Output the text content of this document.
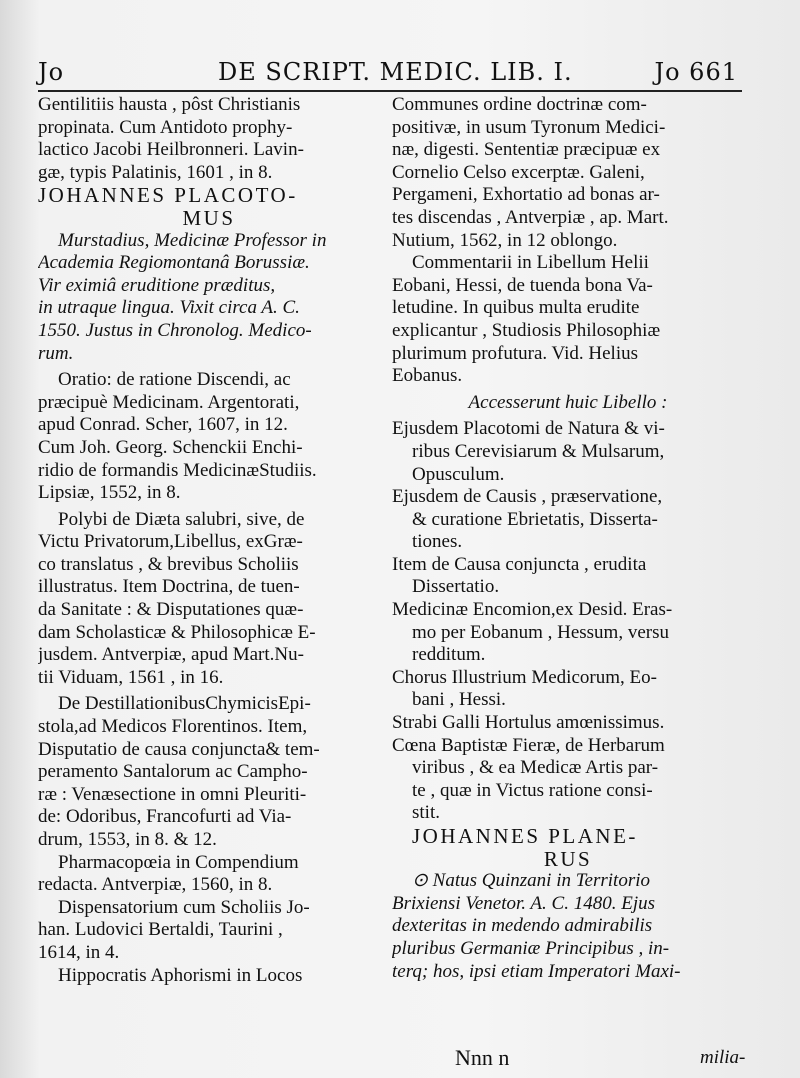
Jo	DE SCRIPT. MEDIC. LIB. I.	Jo 661
Gentilitiis hausta , pôst Christianis
propinata. Cum Antidoto prophy-
lactico Jacobi Heilbronneri. Lavin-
gæ, typis Palatinis, 1601 , in 8.
JOHANNES PLACOTO-
MUS
Murstadius, Medicinæ Professor in
Academia Regiomontanâ Borussiæ.
Vir eximiâ eruditione præditus,
in utraque lingua. Vixit circa A. C.
1550. Justus in Chronolog. Medico-
rum.
Oratio: de ratione Discendi, ac
præcipuè Medicinam. Argentorati,
apud Conrad. Scher, 1607, in 12.
Cum Joh. Georg. Schenckii Enchi-
ridio de formandis MedicinæStudiis.
Lipsiæ, 1552, in 8.
Polybi de Diæta salubri, sive, de
Victu Privatorum,Libellus, exGræ-
co translatus , & brevibus Scholiis
illustratus. Item Doctrina, de tuen-
da Sanitate : & Disputationes quæ-
dam Scholasticæ & Philosophicæ E-
jusdem. Antverpiæ, apud Mart.Nu-
tii Viduam, 1561 , in 16.
De DestillationibusChymicisEpi-
stola,ad Medicos Florentinos. Item,
Disputatio de causa conjuncta& tem-
peramento Santalorum ac Campho-
ræ : Venæsectione in omni Pleuriti-
de: Odoribus, Francofurti ad Via-
drum, 1553, in 8. & 12.
Pharmacopœia in Compendium
redacta. Antverpiæ, 1560, in 8.
Dispensatorium cum Scholiis Jo-
han. Ludovici Bertaldi, Taurini ,
1614, in 4.
Hippocratis Aphorismi in Locos
Communes ordine doctrinæ com-
positivæ, in usum Tyronum Medici-
næ, digesti. Sententiæ præcipuæ ex
Cornelio Celso excerptæ. Galeni,
Pergameni, Exhortatio ad bonas ar-
tes discendas , Antverpiæ , ap. Mart.
Nutium, 1562, in 12 oblongo.
Commentarii in Libellum Helii
Eobani, Hessi, de tuenda bona Va-
letudine. In quibus multa erudite
explicantur , Studiosis Philosophiæ
plurimum profutura. Vid. Helius
Eobanus.
Accesserunt huic Libello :
Ejusdem Placotomi de Natura & vi-
ribus Cerevisiarum & Mulsarum,
Opusculum.
Ejusdem de Causis , præservatione,
& curatione Ebrietatis, Disserta-
tiones.
Item de Causa conjuncta , erudita
Dissertatio.
Medicinæ Encomion,ex Desid. Eras-
mo per Eobanum , Hessum, versu
redditum.
Chorus Illustrium Medicorum, Eo-
bani , Hessi.
Strabi Galli Hortulus amœnissimus.
Cœna Baptistæ Fieræ, de Herbarum
viribus , & ea Medicæ Artis par-
te , quæ in Victus ratione consi-
stit.
JOHANNES PLANE-
RUS
⊙ Natus Quinzani in Territorio
Brixiensi Venetor. A. C. 1480. Ejus
dexteritas in medendo admirabilis
pluribus Germaniæ Principibus , in-
terq; hos, ipsi etiam Imperatori Maxi-
Nnn n	milia-
